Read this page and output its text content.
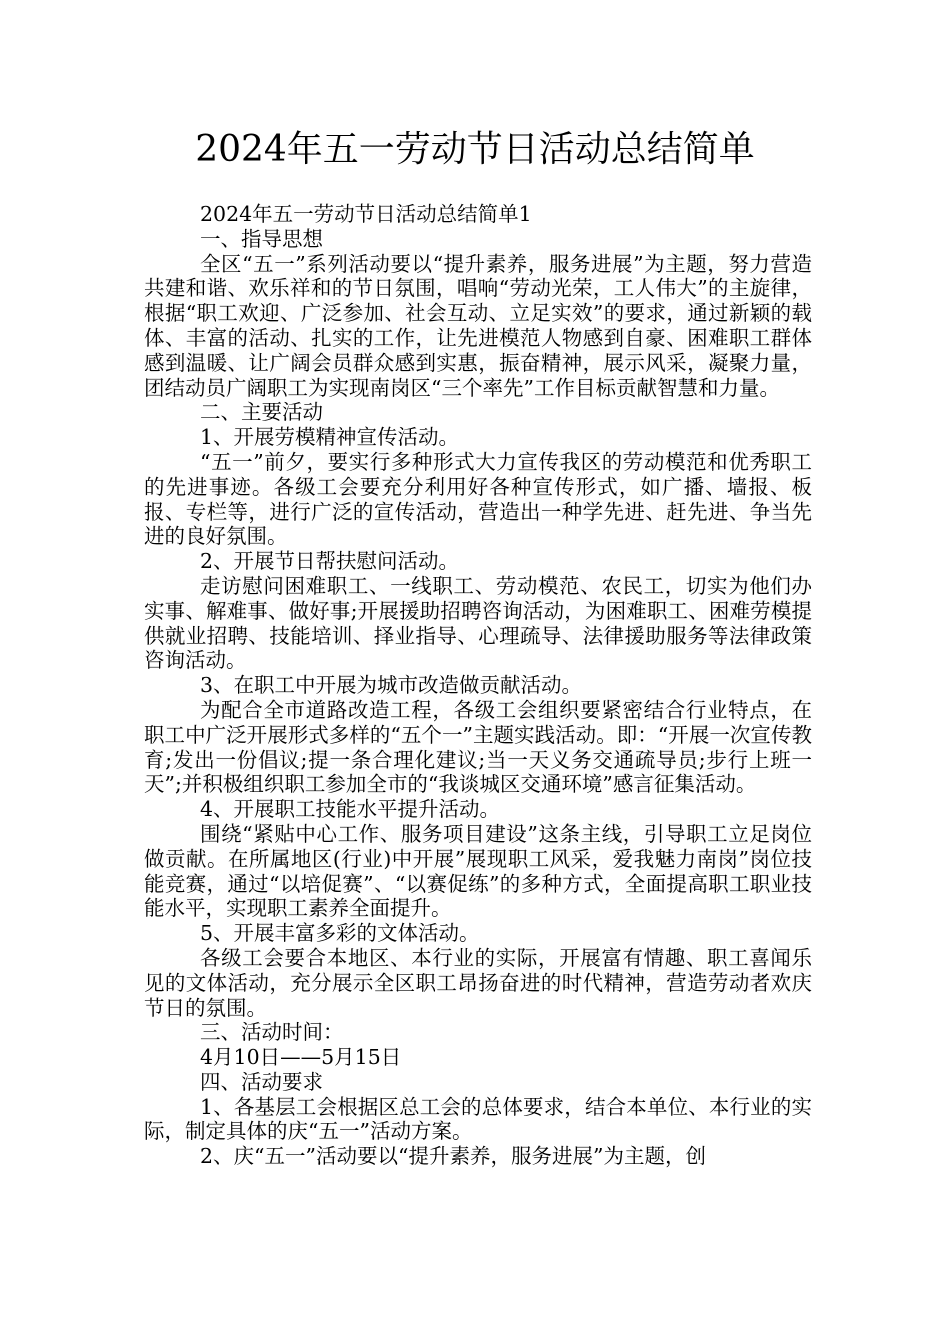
2024年五一劳动节日活动总结简单

2024年五一劳动节日活动总结简单1

一、指导思想

全区“五一”系列活动要以“提升素养，服务进展”为主题，努力营造共建和谐、欢乐祥和的节日氛围，唱响“劳动光荣，工人伟大”的主旋律，根据“职工欢迎、广泛参加、社会互动、立足实效”的要求，通过新颖的载体、丰富的活动、扎实的工作，让先进模范人物感到自豪、困难职工群体感到温暖、让广阔会员群众感到实惠，振奋精神，展示风采，凝聚力量，团结动员广阔职工为实现南岗区“三个率先”工作目标贡献智慧和力量。

二、主要活动

1、开展劳模精神宣传活动。

“五一”前夕，要实行多种形式大力宣传我区的劳动模范和优秀职工的先进事迹。各级工会要充分利用好各种宣传形式，如广播、墙报、板报、专栏等，进行广泛的宣传活动，营造出一种学先进、赶先进、争当先进的良好氛围。

2、开展节日帮扶慰问活动。

走访慰问困难职工、一线职工、劳动模范、农民工，切实为他们办实事、解难事、做好事;开展援助招聘咨询活动，为困难职工、困难劳模提供就业招聘、技能培训、择业指导、心理疏导、法律援助服务等法律政策咨询活动。

3、在职工中开展为城市改造做贡献活动。

为配合全市道路改造工程，各级工会组织要紧密结合行业特点，在职工中广泛开展形式多样的“五个一”主题实践活动。即：“开展一次宣传教育;发出一份倡议;提一条合理化建议;当一天义务交通疏导员;步行上班一天”;并积极组织职工参加全市的“我谈城区交通环境”感言征集活动。

4、开展职工技能水平提升活动。

围绕“紧贴中心工作、服务项目建设”这条主线，引导职工立足岗位做贡献。在所属地区(行业)中开展”展现职工风采，爱我魅力南岗”岗位技能竞赛，通过“以培促赛”、“以赛促练”的多种方式，全面提高职工职业技能水平，实现职工素养全面提升。

5、开展丰富多彩的文体活动。

各级工会要合本地区、本行业的实际，开展富有情趣、职工喜闻乐见的文体活动，充分展示全区职工昂扬奋进的时代精神，营造劳动者欢庆节日的氛围。

三、活动时间：

4月10日——5月15日

四、活动要求

1、各基层工会根据区总工会的总体要求，结合本单位、本行业的实际，制定具体的庆“五一”活动方案。

2、庆“五一”活动要以“提升素养，服务进展”为主题，创
